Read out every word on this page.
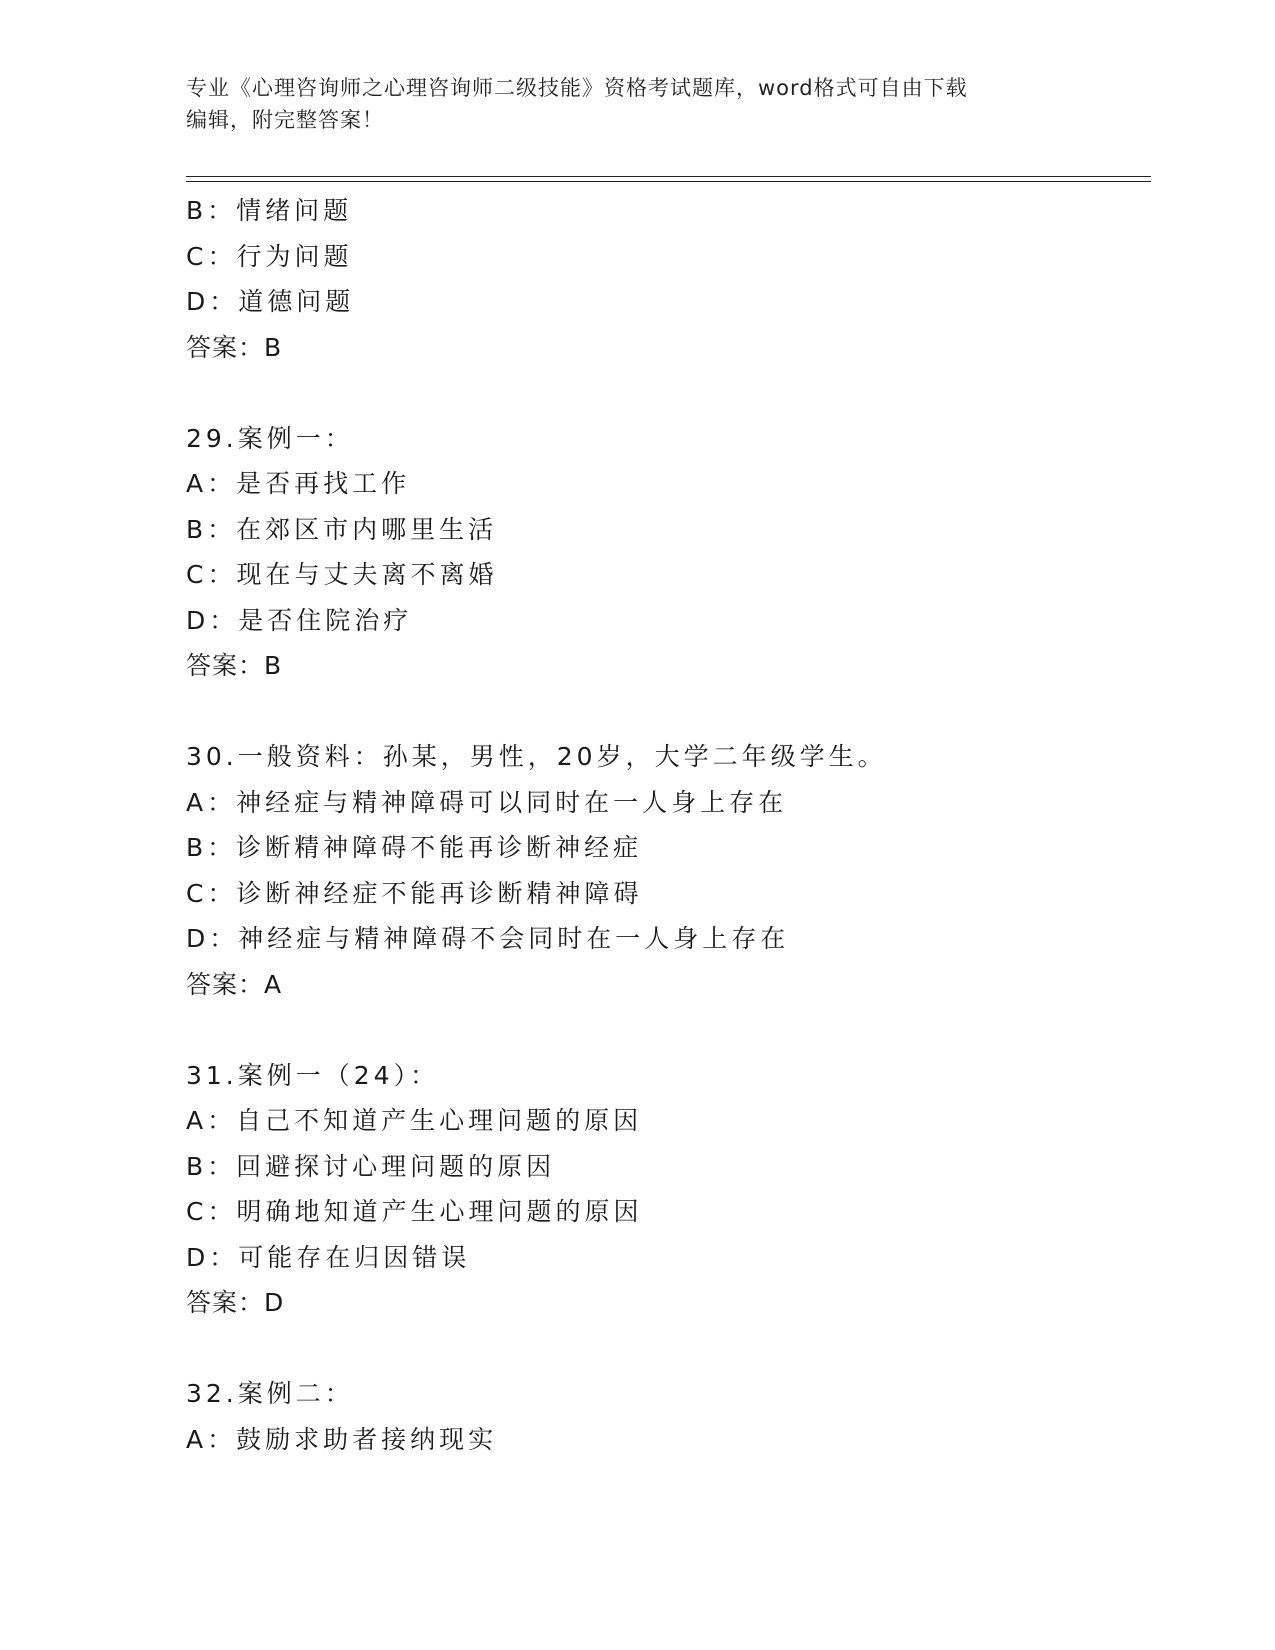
专业《心理咨询师之心理咨询师二级技能》资格考试题库，word格式可自由下载
编辑，附完整答案！
B：情绪问题
C：行为问题
D：道德问题
答案：B
29.案例一：
A：是否再找工作
B：在郊区市内哪里生活
C：现在与丈夫离不离婚
D：是否住院治疗
答案：B
30.一般资料：孙某，男性，20岁，大学二年级学生。
A：神经症与精神障碍可以同时在一人身上存在
B：诊断精神障碍不能再诊断神经症
C：诊断神经症不能再诊断精神障碍
D：神经症与精神障碍不会同时在一人身上存在
答案：A
31.案例一（24）：
A：自己不知道产生心理问题的原因
B：回避探讨心理问题的原因
C：明确地知道产生心理问题的原因
D：可能存在归因错误
答案：D
32.案例二：
A：鼓励求助者接纳现实
